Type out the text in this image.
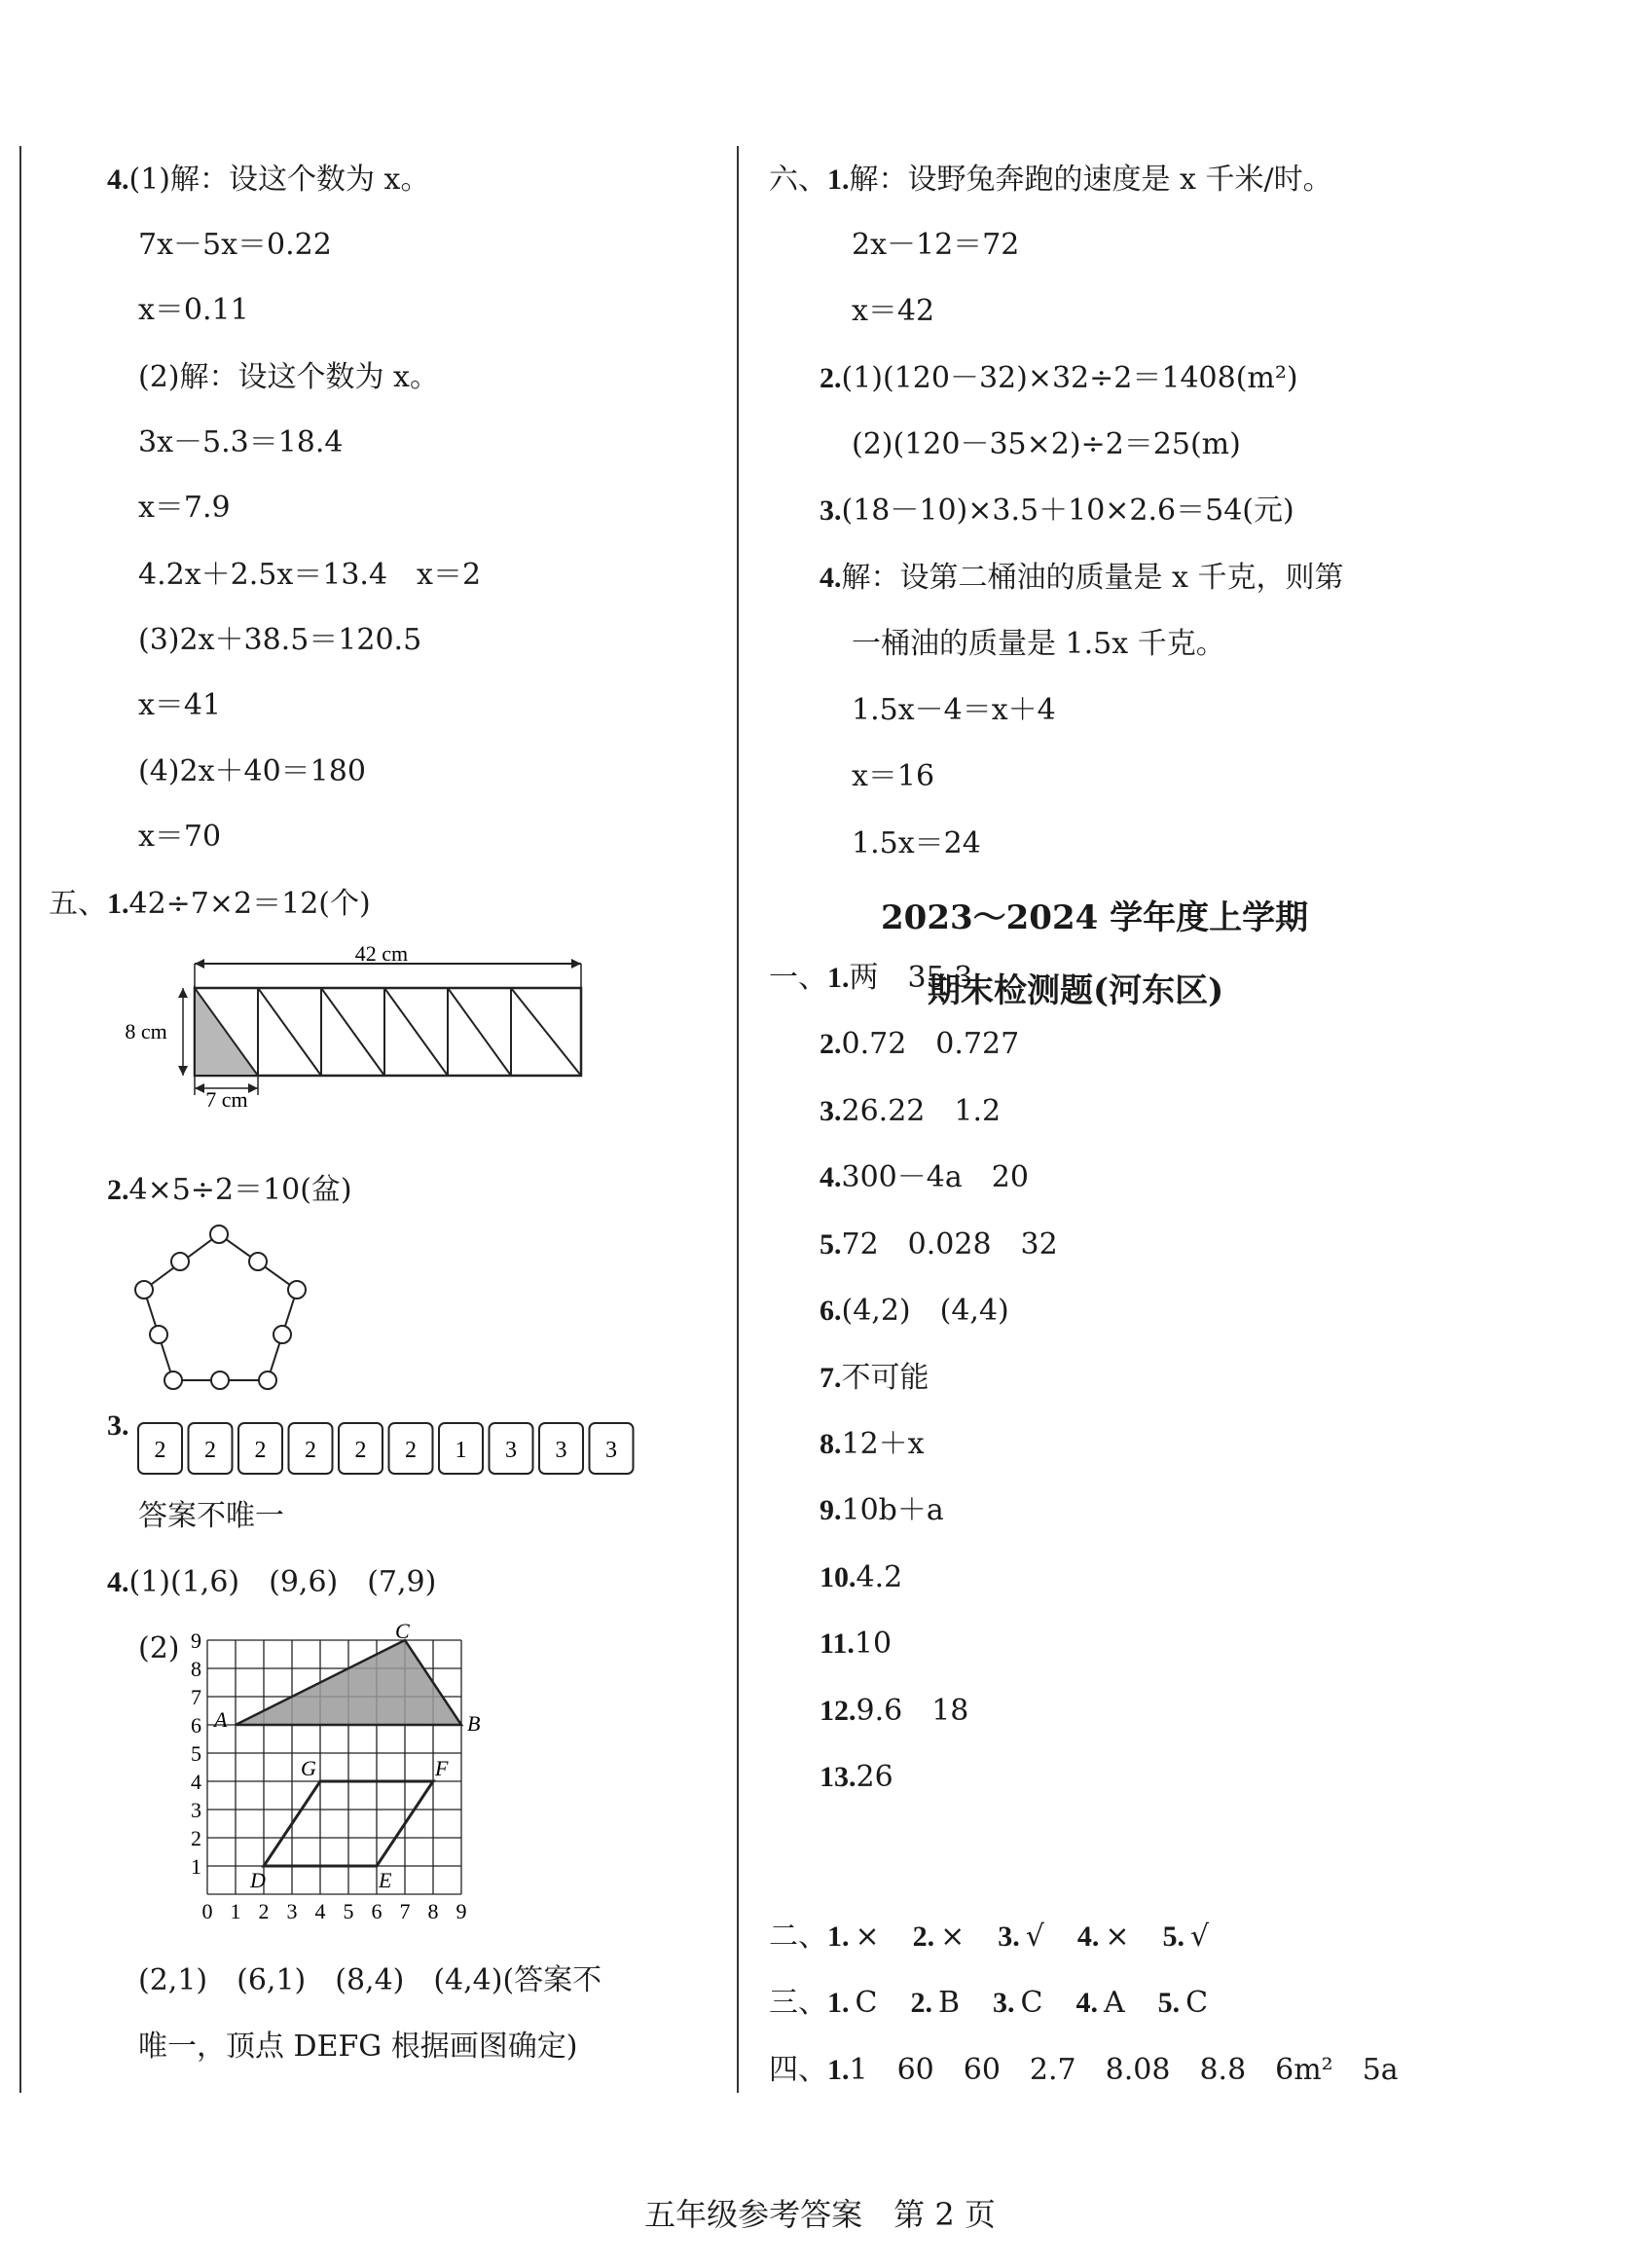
4.(1)解：设这个数为 x。
7x－5x＝0.22
x＝0.11
(2)解：设这个数为 x。
3x－5.3＝18.4
x＝7.9
4.2x＋2.5x＝13.4　x＝2
(3)2x＋38.5＝120.5
x＝41
(4)2x＋40＝180
x＝70
五、1.42÷7×2＝12(个)
42 cm
8 cm
7 cm
2.4×5÷2＝10(盆)
3.
2 2 2 2 2 2 1 3 3 3
答案不唯一
4.(1)(1,6)　(9,6)　(7,9)
(2)
0 1 2 3 4 5 6 7 8 9
1
2
3
4
5
6
7
8
9
A	B
C
D	E
F
G
(2,1)　(6,1)　(8,4)　(4,4)(答案不
唯一，顶点 DEFG 根据画图确定)
六、1.解：设野兔奔跑的速度是 x 千米/时。
2x－12＝72
x＝42
2.(1)(120－32)×32÷2＝1408(m²)
(2)(120－35×2)÷2＝25(m)
3.(18－10)×3.5＋10×2.6＝54(元)
4.解：设第二桶油的质量是 x 千克，则第
一桶油的质量是 1.5x 千克。
1.5x－4＝x＋4
x＝16
1.5x＝24
2023～2024 学年度上学期
期末检测题(河东区)
一、1.两　35.3
2.0.72　0.727
3.26.22　1.2
4.300－4a　20
5.72　0.028　32
6.(4,2)　(4,4)
7.不可能
8.12＋x
9.10b＋a
10.4.2
11.10
12.9.6　18
13.26
二、1. × 2. × 3. √ 4. × 5. √
三、1. C 2. B 3. C 4. A 5. C
四、1.1　60　60　2.7　8.08　8.8　6m²　5a
五年级参考答案　第 2 页
